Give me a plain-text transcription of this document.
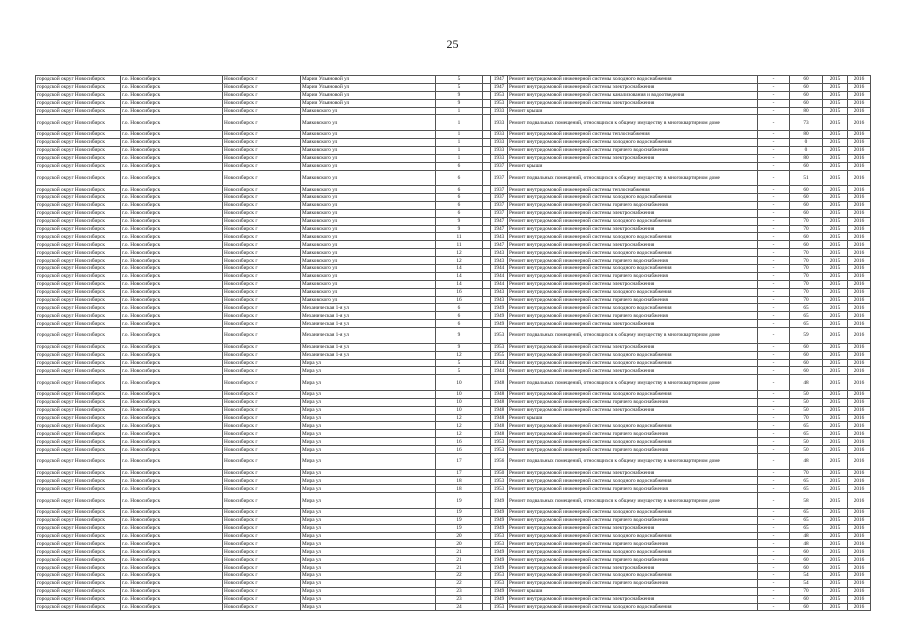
25
городской округ Новосибирск	г.о. Новосибирск	Новосибирск г	Марии Ульяновой ул	5		1947	Ремонт внутридомовой инженерной системы холодного водоснабжения	-	60	2015	2016
городской округ Новосибирск	г.о. Новосибирск	Новосибирск г	Марии Ульяновой ул	5		1947	Ремонт внутридомовой инженерной системы электроснабжения	-	60	2015	2016
городской округ Новосибирск	г.о. Новосибирск	Новосибирск г	Марии Ульяновой ул	9		1953	Ремонт внутридомовой инженерной системы канализования и водоотведения	-	60	2015	2016
городской округ Новосибирск	г.о. Новосибирск	Новосибирск г	Марии Ульяновой ул	9		1953	Ремонт внутридомовой инженерной системы электроснабжения	-	60	2015	2016
городской округ Новосибирск	г.о. Новосибирск	Новосибирск г	Маяковского ул	1		1933	Ремонт крыши	-	80	2015	2016
городской округ Новосибирск	г.о. Новосибирск	Новосибирск г	Маяковского ул	1		1933	Ремонт подвальных помещений, относящихся к общему имуществу в многоквартирном доме	-	73	2015	2016
городской округ Новосибирск	г.о. Новосибирск	Новосибирск г	Маяковского ул	1		1933	Ремонт внутридомовой инженерной системы теплоснабжения	-	80	2015	2016
городской округ Новосибирск	г.о. Новосибирск	Новосибирск г	Маяковского ул	1		1933	Ремонт внутридомовой инженерной системы холодного водоснабжения	-	0	2015	2016
городской округ Новосибирск	г.о. Новосибирск	Новосибирск г	Маяковского ул	1		1933	Ремонт внутридомовой инженерной системы горячего водоснабжения	-	0	2015	2016
городской округ Новосибирск	г.о. Новосибирск	Новосибирск г	Маяковского ул	1		1933	Ремонт внутридомовой инженерной системы электроснабжения	-	80	2015	2016
городской округ Новосибирск	г.о. Новосибирск	Новосибирск г	Маяковского ул	6		1937	Ремонт крыши	-	60	2015	2016
городской округ Новосибирск	г.о. Новосибирск	Новосибирск г	Маяковского ул	6		1937	Ремонт подвальных помещений, относящихся к общему имуществу в многоквартирном доме	-	51	2015	2016
городской округ Новосибирск	г.о. Новосибирск	Новосибирск г	Маяковского ул	6		1937	Ремонт внутридомовой инженерной системы теплоснабжения	-	60	2015	2016
городской округ Новосибирск	г.о. Новосибирск	Новосибирск г	Маяковского ул	6		1937	Ремонт внутридомовой инженерной системы холодного водоснабжения	-	60	2015	2016
городской округ Новосибирск	г.о. Новосибирск	Новосибирск г	Маяковского ул	6		1937	Ремонт внутридомовой инженерной системы горячего водоснабжения	-	60	2015	2016
городской округ Новосибирск	г.о. Новосибирск	Новосибирск г	Маяковского ул	6		1937	Ремонт внутридомовой инженерной системы электроснабжения	-	60	2015	2016
городской округ Новосибирск	г.о. Новосибирск	Новосибирск г	Маяковского ул	9		1947	Ремонт внутридомовой инженерной системы холодного водоснабжения	-	70	2015	2016
городской округ Новосибирск	г.о. Новосибирск	Новосибирск г	Маяковского ул	9		1947	Ремонт внутридомовой инженерной системы электроснабжения	-	70	2015	2016
городской округ Новосибирск	г.о. Новосибирск	Новосибирск г	Маяковского ул	11		1943	Ремонт внутридомовой инженерной системы холодного водоснабжения	-	60	2015	2016
городской округ Новосибирск	г.о. Новосибирск	Новосибирск г	Маяковского ул	11		1947	Ремонт внутридомовой инженерной системы электроснабжения	-	60	2015	2016
городской округ Новосибирск	г.о. Новосибирск	Новосибирск г	Маяковского ул	12		1943	Ремонт внутридомовой инженерной системы холодного водоснабжения	-	70	2015	2016
городской округ Новосибирск	г.о. Новосибирск	Новосибирск г	Маяковского ул	12		1943	Ремонт внутридомовой инженерной системы горячего водоснабжения	-	70	2015	2016
городской округ Новосибирск	г.о. Новосибирск	Новосибирск г	Маяковского ул	14		1944	Ремонт внутридомовой инженерной системы холодного водоснабжения	-	70	2015	2016
городской округ Новосибирск	г.о. Новосибирск	Новосибирск г	Маяковского ул	14		1944	Ремонт внутридомовой инженерной системы горячего водоснабжения	-	70	2015	2016
городской округ Новосибирск	г.о. Новосибирск	Новосибирск г	Маяковского ул	14		1944	Ремонт внутридомовой инженерной системы электроснабжения	-	70	2015	2016
городской округ Новосибирск	г.о. Новосибирск	Новосибирск г	Маяковского ул	16		1943	Ремонт внутридомовой инженерной системы холодного водоснабжения	-	70	2015	2016
городской округ Новосибирск	г.о. Новосибирск	Новосибирск г	Маяковского ул	16		1943	Ремонт внутридомовой инженерной системы горячего водоснабжения	-	70	2015	2016
городской округ Новосибирск	г.о. Новосибирск	Новосибирск г	Механическая 1-я ул	6		1949	Ремонт внутридомовой инженерной системы холодного водоснабжения	-	65	2015	2016
городской округ Новосибирск	г.о. Новосибирск	Новосибирск г	Механическая 1-я ул	6		1949	Ремонт внутридомовой инженерной системы горячего водоснабжения	-	65	2015	2016
городской округ Новосибирск	г.о. Новосибирск	Новосибирск г	Механическая 1-я ул	6		1949	Ремонт внутридомовой инженерной системы электроснабжения	-	65	2015	2016
городской округ Новосибирск	г.о. Новосибирск	Новосибирск г	Механическая 1-я ул	9		1953	Ремонт подвальных помещений, относящихся к общему имуществу в многоквартирном доме	-	59	2015	2016
городской округ Новосибирск	г.о. Новосибирск	Новосибирск г	Механическая 1-я ул	9		1953	Ремонт внутридомовой инженерной системы электроснабжения	-	60	2015	2016
городской округ Новосибирск	г.о. Новосибирск	Новосибирск г	Механическая 1-я ул	12		1955	Ремонт внутридомовой инженерной системы холодного водоснабжения	-	60	2015	2016
городской округ Новосибирск	г.о. Новосибирск	Новосибирск г	Мира ул	5		1944	Ремонт внутридомовой инженерной системы холодного водоснабжения	-	60	2015	2016
городской округ Новосибирск	г.о. Новосибирск	Новосибирск г	Мира ул	5		1944	Ремонт внутридомовой инженерной системы электроснабжения	-	60	2015	2016
городской округ Новосибирск	г.о. Новосибирск	Новосибирск г	Мира ул	10		1948	Ремонт подвальных помещений, относящихся к общему имуществу в многоквартирном доме	-	48	2015	2016
городской округ Новосибирск	г.о. Новосибирск	Новосибирск г	Мира ул	10		1948	Ремонт внутридомовой инженерной системы холодного водоснабжения	-	50	2015	2016
городской округ Новосибирск	г.о. Новосибирск	Новосибирск г	Мира ул	10		1948	Ремонт внутридомовой инженерной системы горячего водоснабжения	-	50	2015	2016
городской округ Новосибирск	г.о. Новосибирск	Новосибирск г	Мира ул	10		1948	Ремонт внутридомовой инженерной системы электроснабжения	-	50	2015	2016
городской округ Новосибирск	г.о. Новосибирск	Новосибирск г	Мира ул	12		1948	Ремонт крыши	-	70	2015	2016
городской округ Новосибирск	г.о. Новосибирск	Новосибирск г	Мира ул	12		1948	Ремонт внутридомовой инженерной системы холодного водоснабжения	-	65	2015	2016
городской округ Новосибирск	г.о. Новосибирск	Новосибирск г	Мира ул	12		1948	Ремонт внутридомовой инженерной системы горячего водоснабжения	-	65	2015	2016
городской округ Новосибирск	г.о. Новосибирск	Новосибирск г	Мира ул	16		1953	Ремонт внутридомовой инженерной системы холодного водоснабжения	-	50	2015	2016
городской округ Новосибирск	г.о. Новосибирск	Новосибирск г	Мира ул	16		1953	Ремонт внутридомовой инженерной системы горячего водоснабжения	-	50	2015	2016
городской округ Новосибирск	г.о. Новосибирск	Новосибирск г	Мира ул	17		1956	Ремонт подвальных помещений, относящихся к общему имуществу в многоквартирном доме	-	48	2015	2016
городской округ Новосибирск	г.о. Новосибирск	Новосибирск г	Мира ул	17		1950	Ремонт внутридомовой инженерной системы электроснабжения	-	70	2015	2016
городской округ Новосибирск	г.о. Новосибирск	Новосибирск г	Мира ул	18		1953	Ремонт внутридомовой инженерной системы холодного водоснабжения	-	65	2015	2016
городской округ Новосибирск	г.о. Новосибирск	Новосибирск г	Мира ул	18		1953	Ремонт внутридомовой инженерной системы горячего водоснабжения	-	65	2015	2016
городской округ Новосибирск	г.о. Новосибирск	Новосибирск г	Мира ул	19		1949	Ремонт подвальных помещений, относящихся к общему имуществу в многоквартирном доме	-	58	2015	2016
городской округ Новосибирск	г.о. Новосибирск	Новосибирск г	Мира ул	19		1949	Ремонт внутридомовой инженерной системы холодного водоснабжения	-	65	2015	2016
городской округ Новосибирск	г.о. Новосибирск	Новосибирск г	Мира ул	19		1949	Ремонт внутридомовой инженерной системы горячего водоснабжения	-	65	2015	2016
городской округ Новосибирск	г.о. Новосибирск	Новосибирск г	Мира ул	19		1949	Ремонт внутридомовой инженерной системы электроснабжения	-	65	2015	2016
городской округ Новосибирск	г.о. Новосибирск	Новосибирск г	Мира ул	20		1953	Ремонт внутридомовой инженерной системы холодного водоснабжения	-	48	2015	2016
городской округ Новосибирск	г.о. Новосибирск	Новосибирск г	Мира ул	20		1953	Ремонт внутридомовой инженерной системы горячего водоснабжения	-	48	2015	2016
городской округ Новосибирск	г.о. Новосибирск	Новосибирск г	Мира ул	21		1949	Ремонт внутридомовой инженерной системы холодного водоснабжения	-	60	2015	2016
городской округ Новосибирск	г.о. Новосибирск	Новосибирск г	Мира ул	21		1949	Ремонт внутридомовой инженерной системы горячего водоснабжения	-	60	2015	2016
городской округ Новосибирск	г.о. Новосибирск	Новосибирск г	Мира ул	21		1949	Ремонт внутридомовой инженерной системы электроснабжения	-	60	2015	2016
городской округ Новосибирск	г.о. Новосибирск	Новосибирск г	Мира ул	22		1953	Ремонт внутридомовой инженерной системы холодного водоснабжения	-	54	2015	2016
городской округ Новосибирск	г.о. Новосибирск	Новосибирск г	Мира ул	22		1953	Ремонт внутридомовой инженерной системы горячего водоснабжения	-	54	2015	2016
городской округ Новосибирск	г.о. Новосибирск	Новосибирск г	Мира ул	23		1949	Ремонт крыши	-	70	2015	2016
городской округ Новосибирск	г.о. Новосибирск	Новосибирск г	Мира ул	23		1949	Ремонт внутридомовой инженерной системы электроснабжения	-	60	2015	2016
городской округ Новосибирск	г.о. Новосибирск	Новосибирск г	Мира ул	24		1953	Ремонт внутридомовой инженерной системы холодного водоснабжения	-	60	2015	2016
